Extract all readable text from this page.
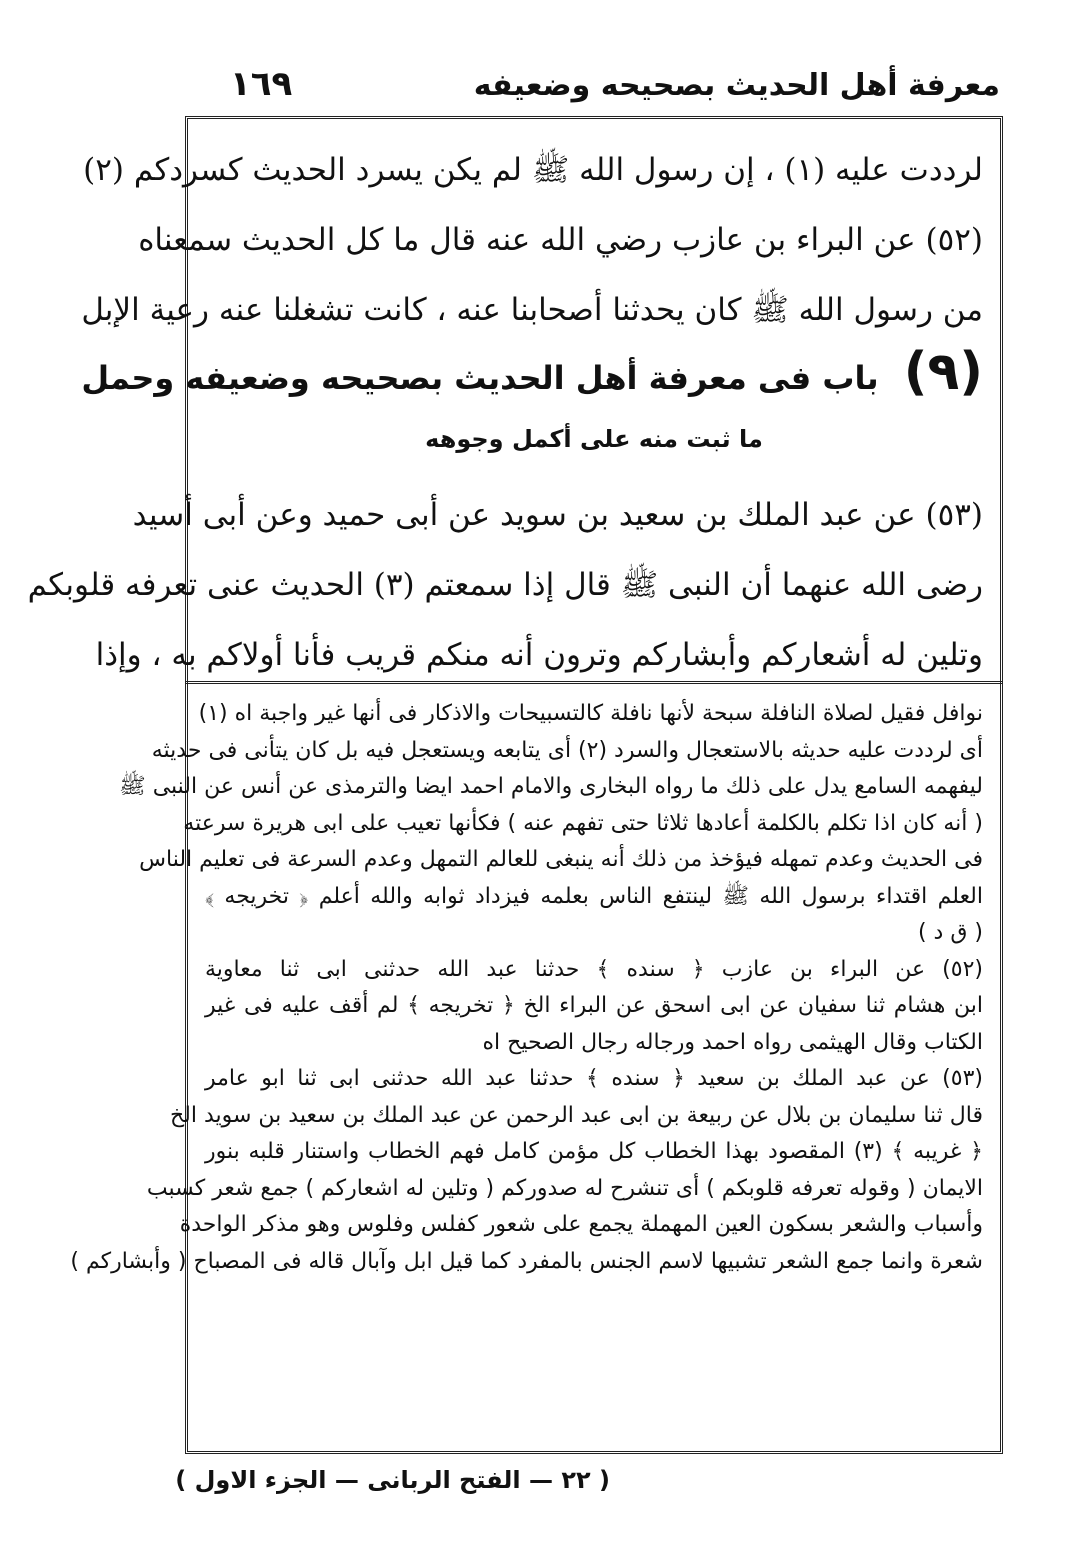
معرفة أهل الحديث بصحيحه وضعيفه
١٦٩
لرددت عليه (١) ، إن رسول الله ﷺ لم يكن يسرد الحديث كسردكم (٢)
(٥٢) عن البراء بن عازب رضي الله عنه قال ما كل الحديث سمعناه
من رسول الله ﷺ كان يحدثنا أصحابنا عنه ، كانت تشغلنا عنه رعية الإبل
(٩) باب فى معرفة أهل الحديث بصحيحه وضعيفه وحمل
ما ثبت منه على أكمل وجوهه
(٥٣) عن عبد الملك بن سعيد بن سويد عن أبى حميد وعن أبى أسيد
رضى الله عنهما أن النبى ﷺ قال إذا سمعتم (٣) الحديث عنى تعرفه قلوبكم
وتلين له أشعاركم وأبشاركم وترون أنه منكم قريب فأنا أولاكم به ، وإذا
نوافل فقيل لصلاة النافلة سبحة لأنها نافلة كالتسبيحات والاذكار فى أنها غير واجبة اه (١)
أى لرددت عليه حديثه بالاستعجال والسرد (٢) أى يتابعه ويستعجل فيه بل كان يتأنى فى حديثه
ليفهمه السامع يدل على ذلك ما رواه البخارى والامام احمد ايضا والترمذى عن أنس عن النبى ﷺ
( أنه كان اذا تكلم بالكلمة أعادها ثلاثا حتى تفهم عنه ) فكأنها تعيب على ابى هريرة سرعته
فى الحديث وعدم تمهله فيؤخذ من ذلك أنه ينبغى للعالم التمهل وعدم السرعة فى تعليم الناس
العلم اقتداء برسول الله ﷺ لينتفع الناس بعلمه فيزداد ثوابه والله أعلم ﴿ تخريجه ﴾
( ق د )
(٥٢) عن البراء بن عازب ﴿ سنده ﴾ حدثنا عبد الله حدثنى ابى ثنا معاوية
ابن هشام ثنا سفيان عن ابى اسحق عن البراء الخ ﴿ تخريجه ﴾ لم أقف عليه فى غير
الكتاب وقال الهيثمى رواه احمد ورجاله رجال الصحيح اه
(٥٣) عن عبد الملك بن سعيد ﴿ سنده ﴾ حدثنا عبد الله حدثنى ابى ثنا ابو عامر
قال ثنا سليمان بن بلال عن ربيعة بن ابى عبد الرحمن عن عبد الملك بن سعيد بن سويد الخ
﴿ غريبه ﴾ (٣) المقصود بهذا الخطاب كل مؤمن كامل فهم الخطاب واستنار قلبه بنور
الايمان ( وقوله تعرفه قلوبكم ) أى تنشرح له صدوركم ( وتلين له اشعاركم ) جمع شعر كسبب
وأسباب والشعر بسكون العين المهملة يجمع على شعور كفلس وفلوس وهو مذكر الواحدة
شعرة وانما جمع الشعر تشبيها لاسم الجنس بالمفرد كما قيل ابل وآبال قاله فى المصباح ( وأبشاركم )
( ٢٢ — الفتح الربانى — الجزء الاول )
